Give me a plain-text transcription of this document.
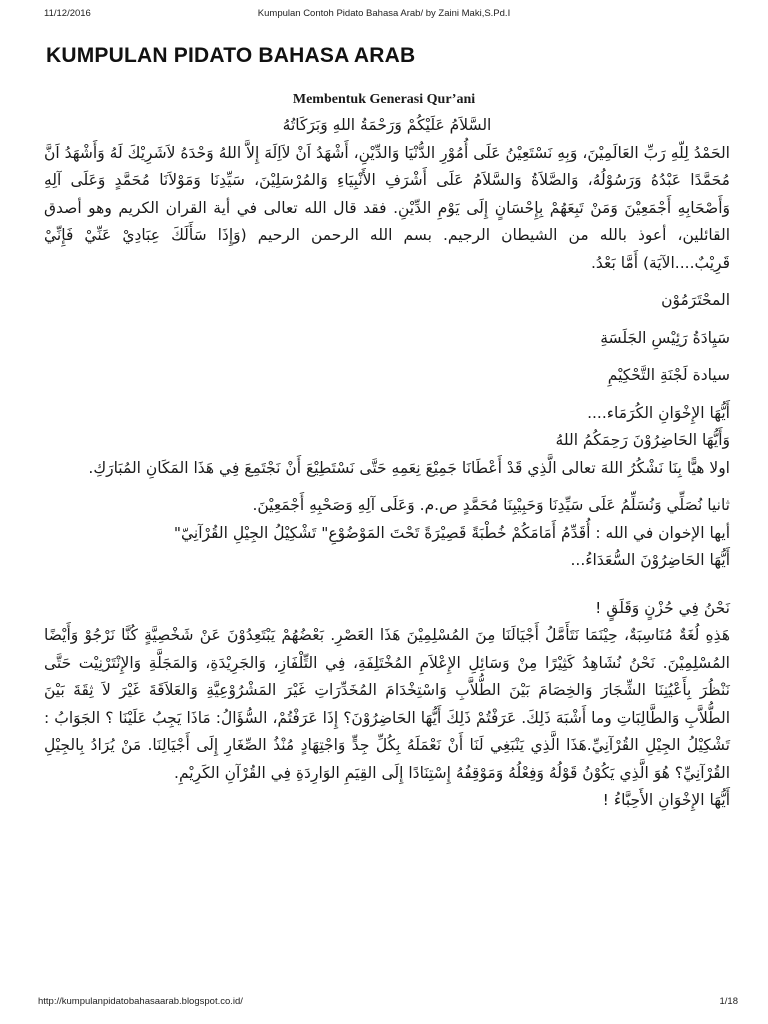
11/12/2016	Kumpulan Contoh Pidato Bahasa Arab/ by Zaini Maki,S.Pd.I
KUMPULAN PIDATO BAHASA ARAB
Membentuk Generasi Qur’ani

السَّلاَمُ عَلَيْكُمْ وَرَحْمَةُ اللهِ وَبَرَكَاتُهُ

الحَمْدُ لِلّهِ رَبِّ العَالَمِيْنَ، وَبِهِ نَسْتَعِيْنُ عَلَى أُمُوْرِ الدُّنْيَا وَالدِّيْنِ، أَشْهَدُ اَنْ لاَاِلَهَ إِلاَّ اللهُ وَحْدَهُ لاَشَرِيْكَ لَهُ وَأَشْهَدُ اَنَّ مُحَمَّدًا عَبْدُهُ وَرَسُوْلُهُ، وَالصَّلاَةُ وَالسَّلاَمُ عَلَى أَشْرَفِ الأَنْبِيَاءِ وَالمُرْسَلِيْنَ، سَيِّدِنَا وَمَوْلاَنَا مُحَمَّدٍ وَعَلَى آلِهِ وَأَصْحَابِهِ أَجْمَعِيْنَ وَمَنْ تَبِعَهُمْ بِإِحْسَانٍ إِلَى يَوْمِ الدِّيْنِ. فقد قال الله تعالى في أية القران الكريم وهو أصدق القائلين، أعوذ بالله من الشيطان الرجيم. بسم الله الرحمن الرحيم (وَإِذَا سَأَلَكَ عِبَادِيْ عَنِّيْ فَإِنِّيْ قَرِيْبٌ....الآيَة) أَمَّا بَعْدُ.

المحْتَرَمُوْن

سَيِادَةُ رَئِيْسِ الجَلَسَةِ

سيادة لَجْنَةِ التَّحْكِيْمِ

أَيُّهَا الإِخْوَانِ الكُرَمَاء....

وَأَيُّهَا الحَاضِرُوْنَ رَحِمَكُمُ اللهُ

اولا هيًّا بِنَا نَشْكُرُ اللهَ تعالى الَّذِي قَدْ أَعْطَانَا جَمِيْعَ نِعَمِهِ حَتَّى نَسْتَطِيْعَ أَنْ نَجْتَمِعَ فِي هَذَا المَكَانِ المُبَارَكِ.

ثانيا نُصَلِّي وَنُسَلِّمُ عَلَى سَيِّدِنَا وَحَبِيْبِنَا مُحَمَّدٍ ص.م. وَعَلَى آلِهِ وَصَحْبِهِ أَجْمَعِيْنَ.

أيها الإخوان في الله : أُقَدِّمُ أَمَامَكُمْ خُطْبَةً قَصِيْرَةً تَحْتَ المَوْضُوْعِ" تَشْكِيْلُ الجِيْلِ القُرْآنِيّ"

أَيُّهَا الحَاضِرُوْنَ السُّعَدَاءُ...

نَحْنُ فِي حُزْنٍ وَقَلَقٍ !

هَذِهِ لُغَةٌ مُنَاسِبَةٌ، حِيْنَمَا نَتَأَمَّلُ أَجْيَالَنَا مِنَ المُسْلِمِيْنَ هَذَا العَصْرِ. بَعْضُهُمْ يَبْتَعِدُوْنَ عَنْ شَخْصِيَّةٍ كُنَّا نَرْجُوْ وَأَيْضًا المُسْلِمِيْنَ. نَحْنُ نُشَاهِدُ كَثِيْرًا مِنْ وَسَائِلِ الإِعْلاَمِ المُخْتَلِفَةِ، فِي التِّلْفَازِ، وَالجَرِيْدَةِ، وَالمَجَلَّةِ وَالإِنْتَرْنِيْت حَتَّى نَنْظُرَ بِأَعْيُنِنَا الشِّجَارَ وَالخِصَامَ بَيْنَ الطُّلاَّبِ وَاسْتِخْدَامَ المُخَدِّرَاتِ غَيْرَ المَشْرُوْعِيَّةِ وَالعَلاَقَةَ غَيْرَ لاَ ثِقَةَ بَيْنَ الطُّلاَّبِ وَالطَّالِبَاتِ وما أَشْبَهَ ذَلِكَ. عَرَفْتُمْ ذَلِكَ أَيُّهَا الحَاضِرُوْنَ؟ إِذَا عَرَفْتُمْ، السُّؤَالُ: مَاذَا يَجِبُ عَلَيْنَا ؟ الجَوَابُ : تَشْكِيْلُ الجِيْلِ القُرْآنِيِّ.هَذَا الَّذِي يَنْبَغِي لَنَا أَنْ نَعْمَلَهُ بِكُلِّ جِدٍّ وَاجْتِهَادٍ مُنْذُ الصِّغَارِ إِلَى أَجْيَالِنَا. مَنْ يُرَادُ بِالجِيْلِ القُرْآنِيِّ؟ هُوَ الَّذِي يَكُوْنُ قَوْلُهُ وَفِعْلُهُ وَمَوْقِفُهُ إِسْتِنَادًا إِلَى القِيَمِ الوَارِدَةِ فِي القُرْآنِ الكَرِيْمِ.

أَيُّهَا الإِخْوَانِ الأَحِبَّاءُ !

http://kumpulanpidatobahasaarab.blogspot.co.id/	1/18
